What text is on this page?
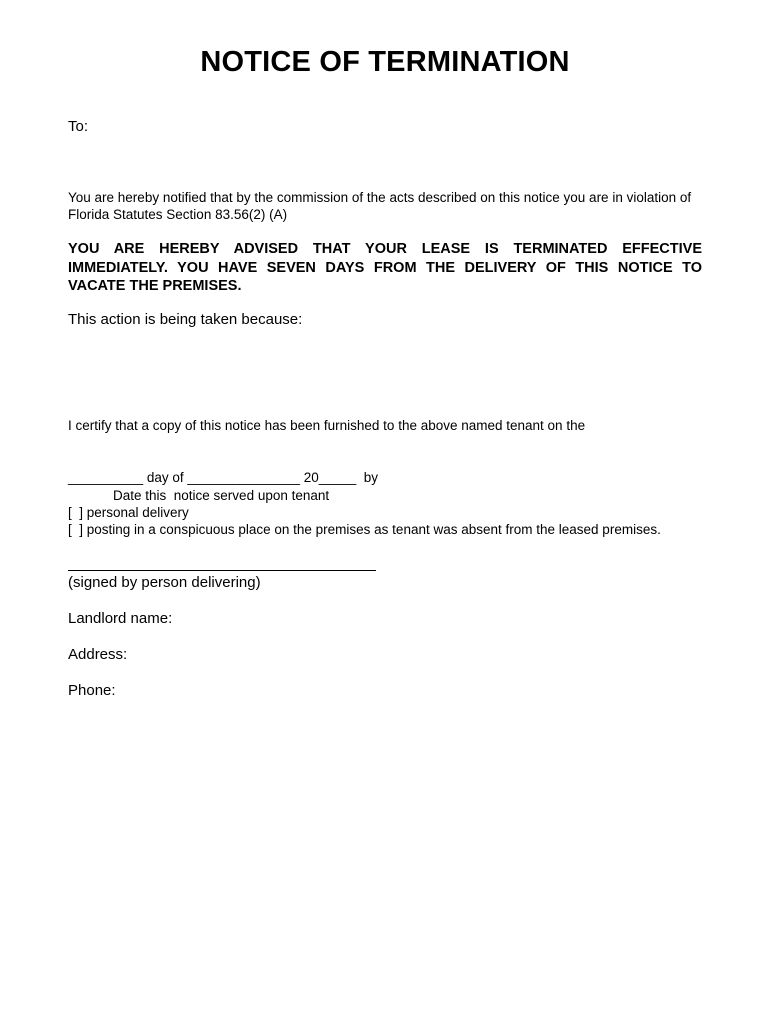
NOTICE OF TERMINATION
To:
You are hereby notified that by the commission of the acts described on this notice you are in violation of Florida Statutes Section 83.56(2) (A)
YOU ARE HEREBY ADVISED THAT YOUR LEASE IS TERMINATED EFFECTIVE IMMEDIATELY. YOU HAVE SEVEN DAYS FROM THE DELIVERY OF THIS NOTICE TO VACATE THE PREMISES.
This action is being taken because:
I certify that a copy of this notice has been furnished to the above named tenant on the
__________ day of _______________ 20_____  by
Date this  notice served upon tenant
[  ] personal delivery
[  ] posting in a conspicuous place on the premises as tenant was absent from the leased premises.
(signed by person delivering)
Landlord name:
Address:
Phone:
